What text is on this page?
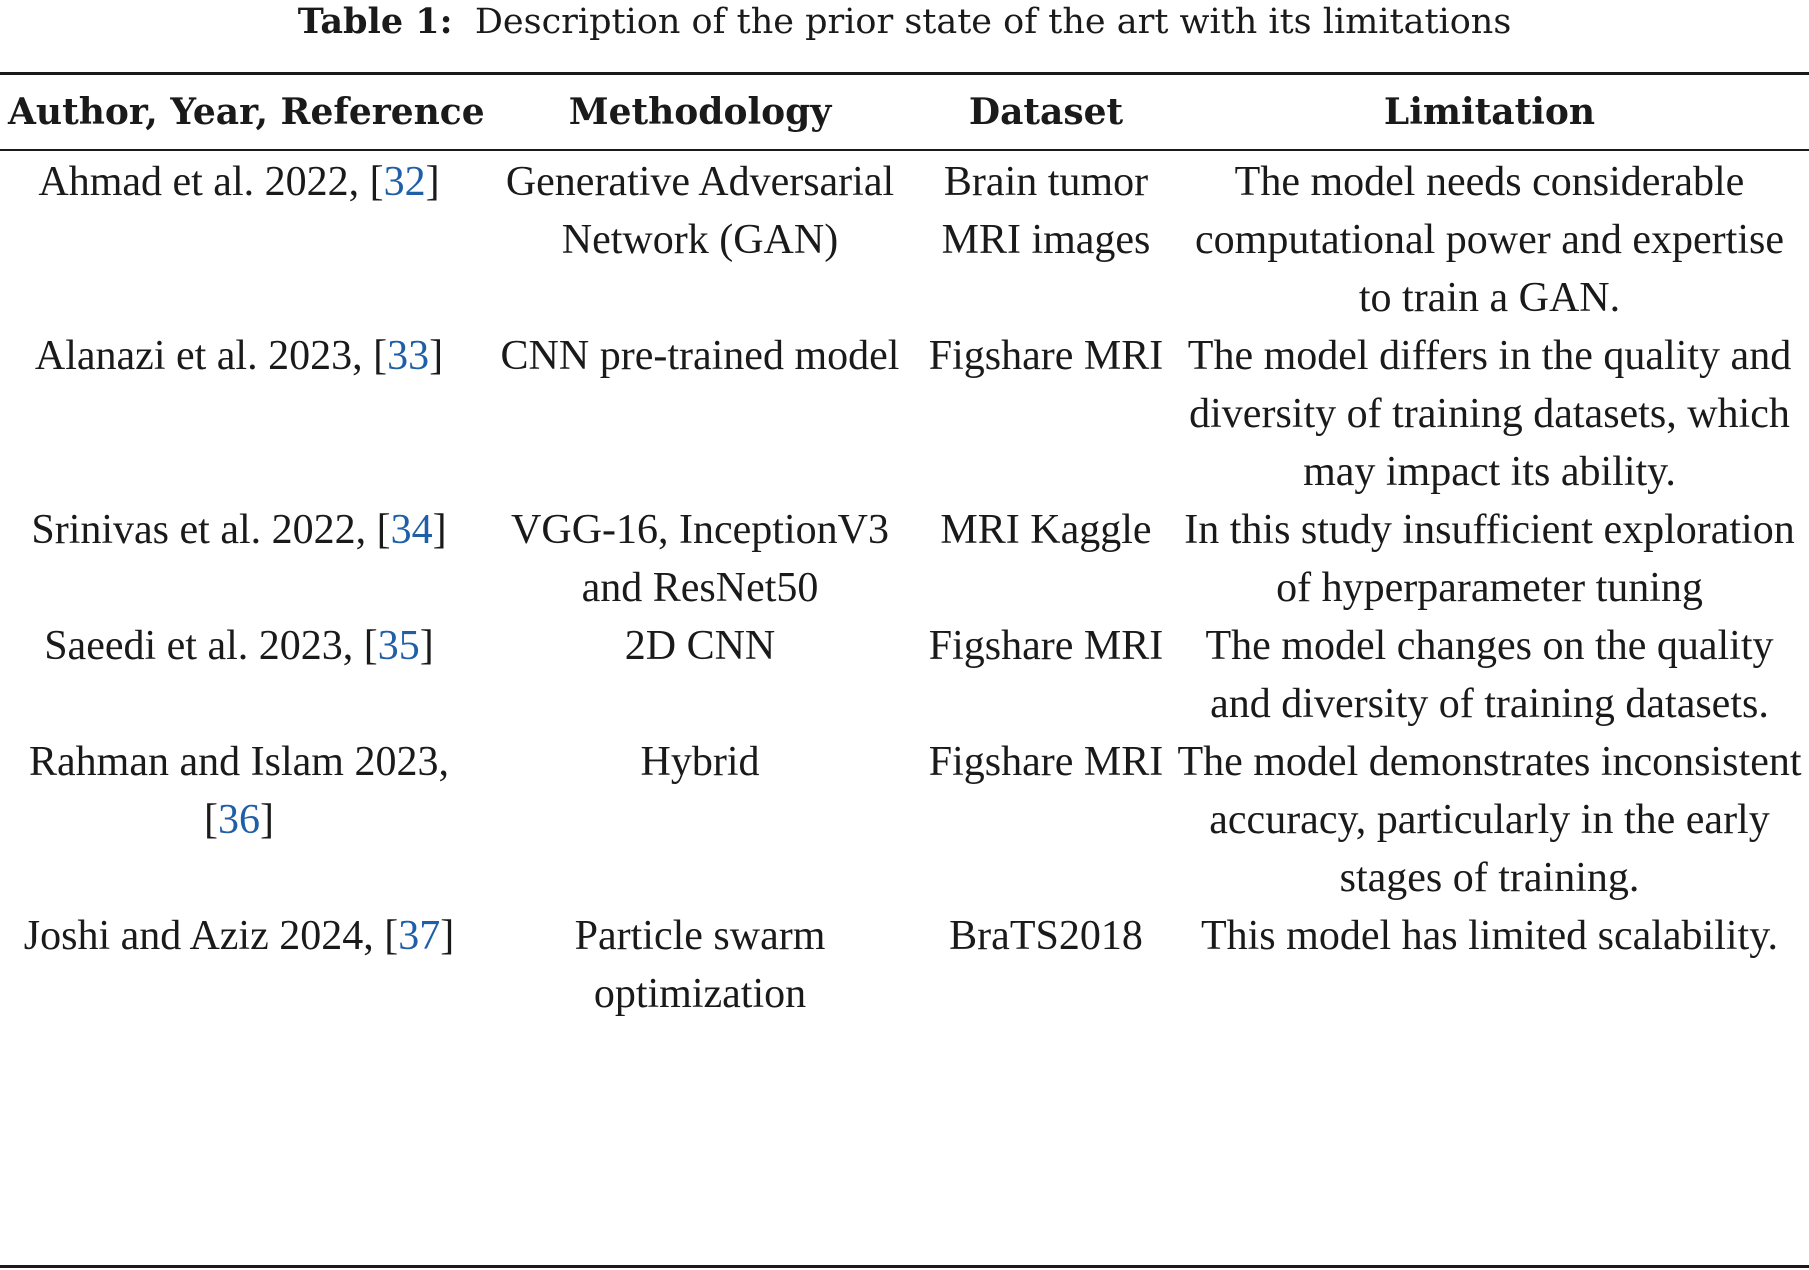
Table 1: Description of the prior state of the art with its limitations
Author, Year, Reference	Methodology	Dataset	Limitation
Ahmad et al. 2022, [32]	Generative Adversarial Network (GAN)	Brain tumor MRI images	The model needs considerable computational power and expertise to train a GAN.
Alanazi et al. 2023, [33]	CNN pre-trained model	Figshare MRI	The model differs in the quality and diversity of training datasets, which may impact its ability.
Srinivas et al. 2022, [34]	VGG-16, InceptionV3 and ResNet50	MRI Kaggle	In this study insufficient exploration of hyperparameter tuning
Saeedi et al. 2023, [35]	2D CNN	Figshare MRI	The model changes on the quality and diversity of training datasets.
Rahman and Islam 2023, [36]	Hybrid	Figshare MRI	The model demonstrates inconsistent accuracy, particularly in the early stages of training.
Joshi and Aziz 2024, [37]	Particle swarm optimization	BraTS2018	This model has limited scalability.
